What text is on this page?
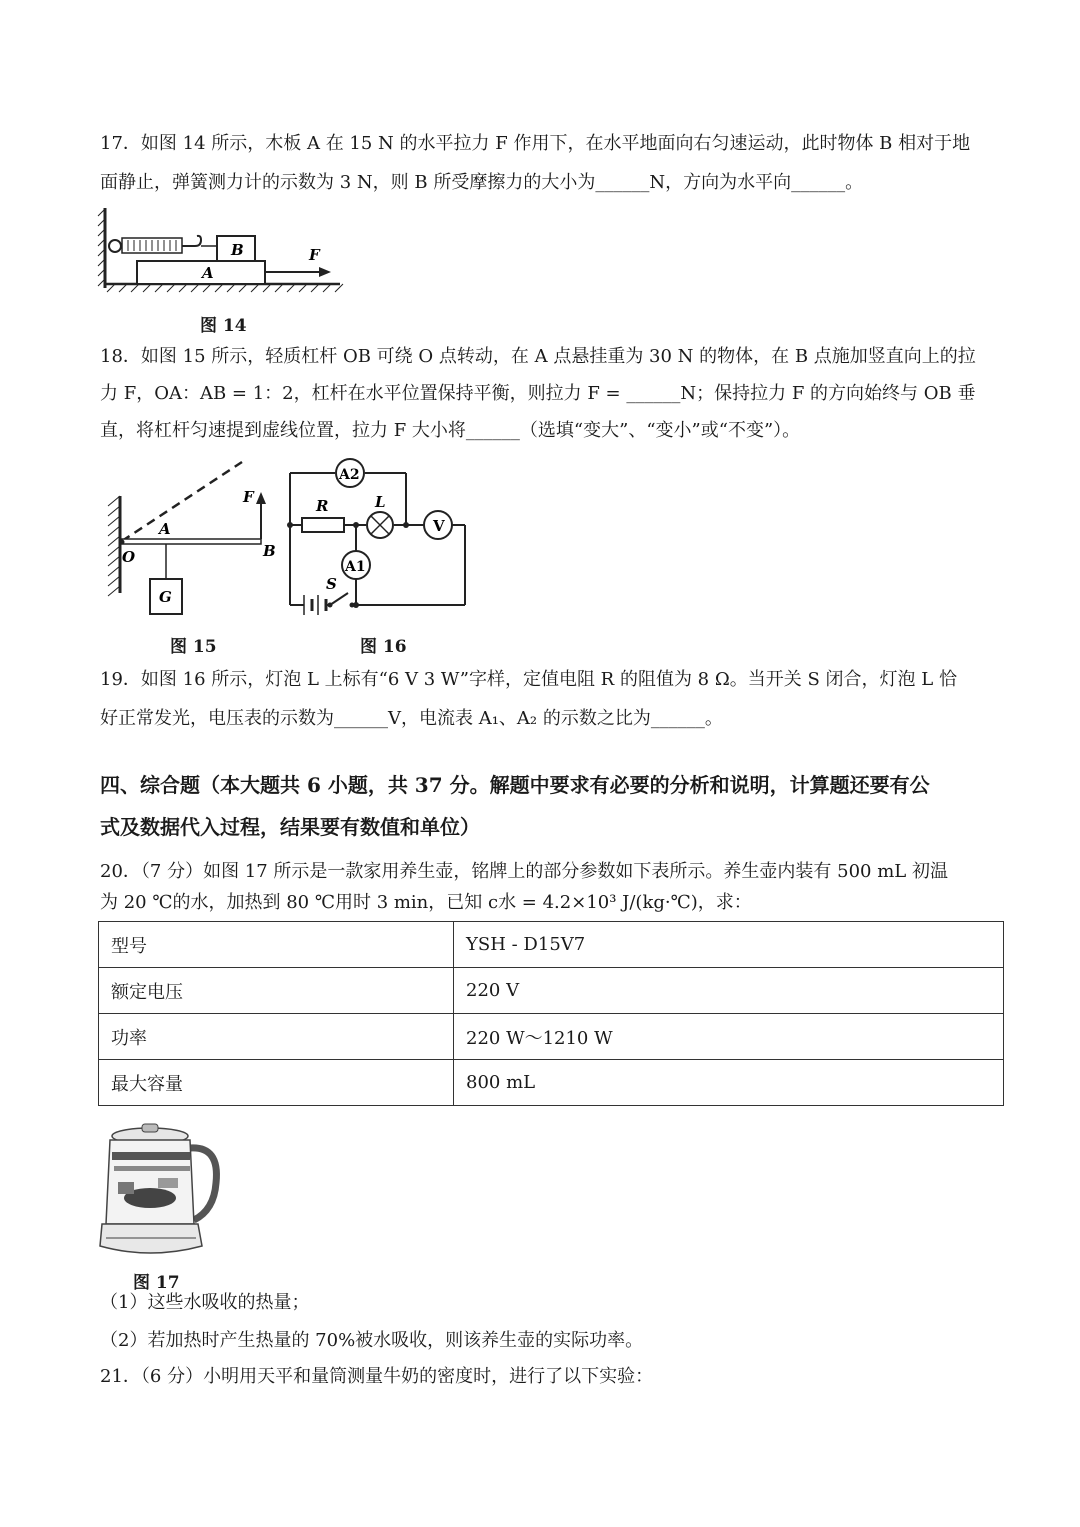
17．如图 14 所示，木板 A 在 15 N 的水平拉力 F 作用下，在水平地面向右匀速运动，此时物体 B 相对于地
面静止，弹簧测力计的示数为 3 N，则 B 所受摩擦力的大小为______N，方向为水平向______。
B
A
F
图 14
18．如图 15 所示，轻质杠杆 OB 可绕 O 点转动，在 A 点悬挂重为 30 N 的物体，在 B 点施加竖直向上的拉
力 F，OA：AB = 1：2，杠杆在水平位置保持平衡，则拉力 F = ______N；保持拉力 F 的方向始终与 OB 垂
直，将杠杆匀速提到虚线位置，拉力 F 大小将______（选填“变大”、“变小”或“不变”）。
O
A
B
F
G
图 15
R	L
A2
V
A1
S
图 16
19．如图 16 所示，灯泡 L 上标有“6 V 3 W”字样，定值电阻 R 的阻值为 8 Ω。当开关 S 闭合，灯泡 L 恰
好正常发光，电压表的示数为______V，电流表 A₁、A₂ 的示数之比为______。
四、综合题（本大题共 6 小题，共 37 分。解题中要求有必要的分析和说明，计算题还要有公
式及数据代入过程，结果要有数值和单位）
20．（7 分）如图 17 所示是一款家用养生壶，铭牌上的部分参数如下表所示。养生壶内装有 500 mL 初温
为 20 ℃的水，加热到 80 ℃用时 3 min，已知 c水 = 4.2×10³ J/(kg·℃)，求：
型号	YSH - D15V7
额定电压	220 V
功率	220 W～1210 W
最大容量	800 mL
图 17
（1）这些水吸收的热量；
（2）若加热时产生热量的 70%被水吸收，则该养生壶的实际功率。
21．（6 分）小明用天平和量筒测量牛奶的密度时，进行了以下实验：
